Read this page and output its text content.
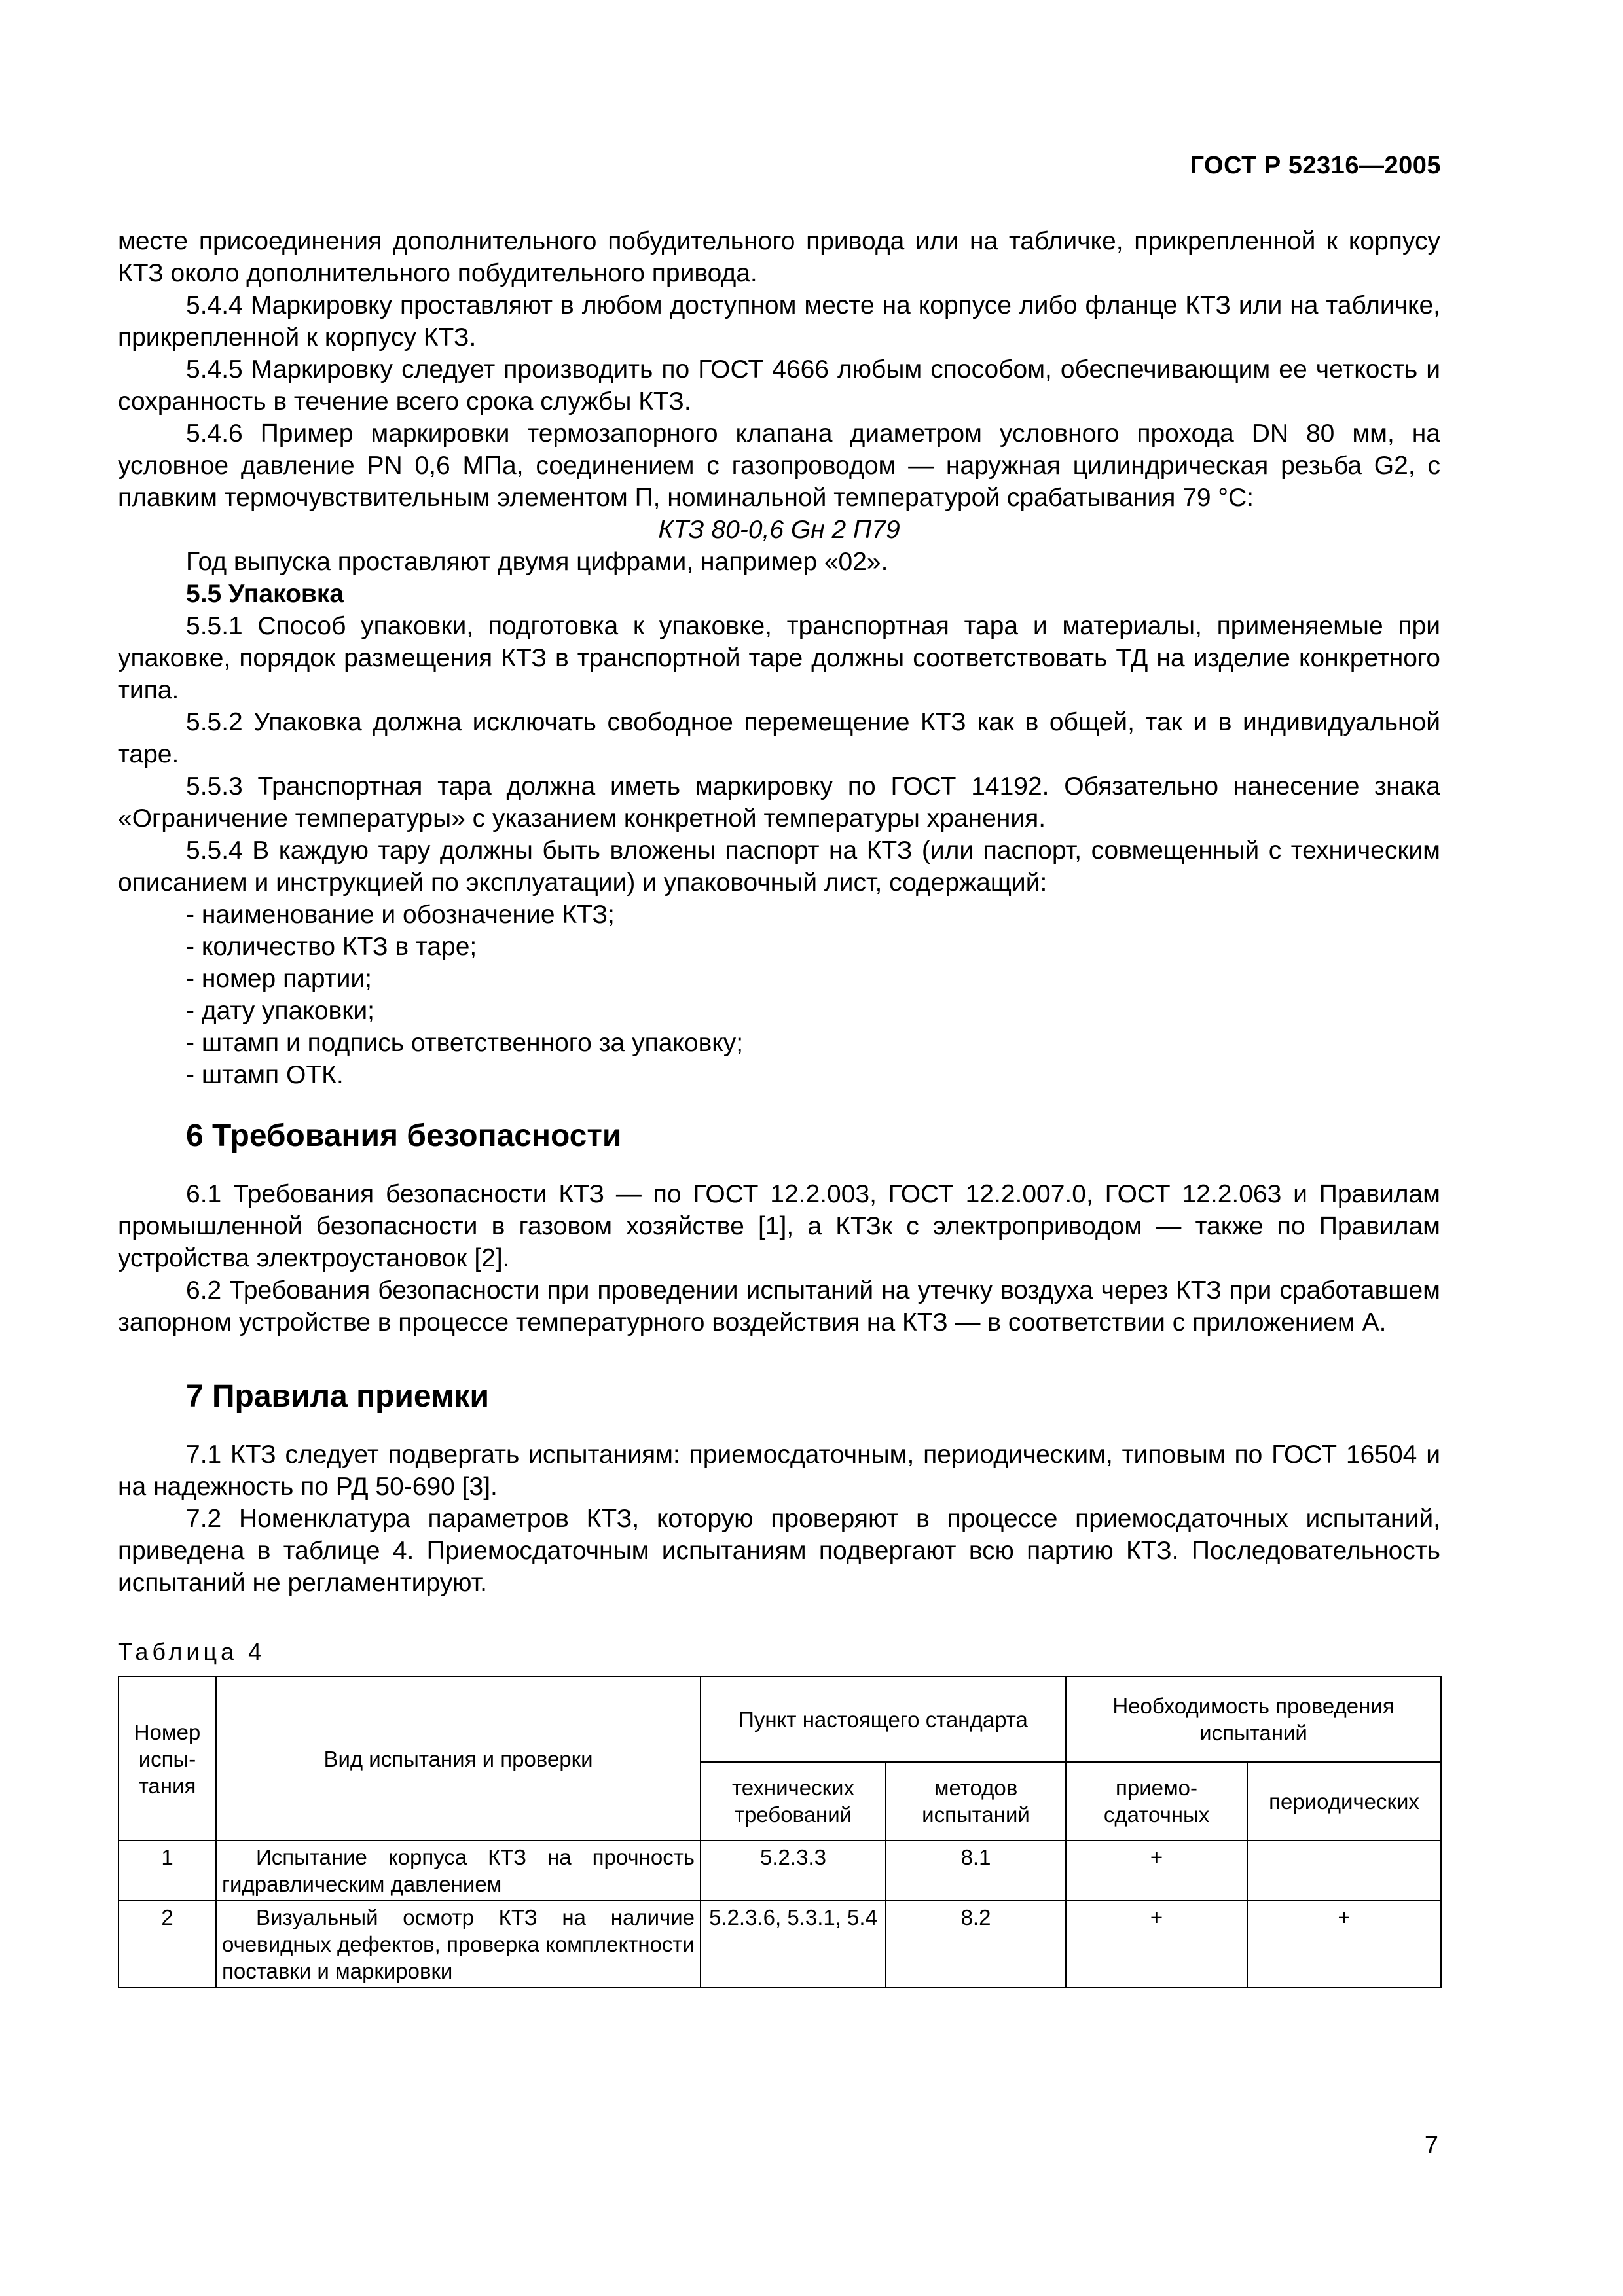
ГОСТ Р 52316—2005

месте присоединения дополнительного побудительного привода или на табличке, прикрепленной к корпусу КТЗ около дополнительного побудительного привода.

5.4.4 Маркировку проставляют в любом доступном месте на корпусе либо фланце КТЗ или на табличке, прикрепленной к корпусу КТЗ.

5.4.5 Маркировку следует производить по ГОСТ 4666 любым способом, обеспечивающим ее четкость и сохранность в течение всего срока службы КТЗ.

5.4.6 Пример маркировки термозапорного клапана диаметром условного прохода DN 80 мм, на условное давление PN 0,6 МПа, соединением с газопроводом — наружная цилиндрическая резьба G2, с плавким термочувствительным элементом П, номинальной температурой срабатывания 79 °С:

КТЗ 80-0,6 Gн 2 П79

Год выпуска проставляют двумя цифрами, например «02».

5.5 Упаковка

5.5.1 Способ упаковки, подготовка к упаковке, транспортная тара и материалы, применяемые при упаковке, порядок размещения КТЗ в транспортной таре должны соответствовать ТД на изделие конкретного типа.

5.5.2 Упаковка должна исключать свободное перемещение КТЗ как в общей, так и в индивидуальной таре.

5.5.3 Транспортная тара должна иметь маркировку по ГОСТ 14192. Обязательно нанесение знака «Ограничение температуры» с указанием конкретной температуры хранения.

5.5.4 В каждую тару должны быть вложены паспорт на КТЗ (или паспорт, совмещенный с техническим описанием и инструкцией по эксплуатации) и упаковочный лист, содержащий:

- наименование и обозначение КТЗ;

- количество КТЗ в таре;

- номер партии;

- дату упаковки;

- штамп и подпись ответственного за упаковку;

- штамп ОТК.

6 Требования безопасности

6.1 Требования безопасности КТЗ — по ГОСТ 12.2.003, ГОСТ 12.2.007.0, ГОСТ 12.2.063 и Правилам промышленной безопасности в газовом хозяйстве [1], а КТЗк с электроприводом — также по Правилам устройства электроустановок [2].

6.2 Требования безопасности при проведении испытаний на утечку воздуха через КТЗ при сработавшем запорном устройстве в процессе температурного воздействия на КТЗ — в соответствии с приложением А.

7 Правила приемки

7.1 КТЗ следует подвергать испытаниям: приемосдаточным, периодическим, типовым по ГОСТ 16504 и на надежность по РД 50-690 [3].

7.2 Номенклатура параметров КТЗ, которую проверяют в процессе приемосдаточных испытаний, приведена в таблице 4. Приемосдаточным испытаниям подвергают всю партию КТЗ. Последовательность испытаний не регламентируют.

Таблица 4
Номер испы- тания	Вид испытания и проверки	Пункт настоящего стандарта		Необходимость проведения испытаний	
		технических требований	методов испытаний	приемо- сдаточных	периодических
1	Испытание корпуса КТЗ на прочность гидравлическим давлением	5.2.3.3	8.1	+	
2	Визуальный осмотр КТЗ на наличие очевидных дефектов, проверка комплектности поставки и маркировки	5.2.3.6, 5.3.1, 5.4	8.2	+	+
7
